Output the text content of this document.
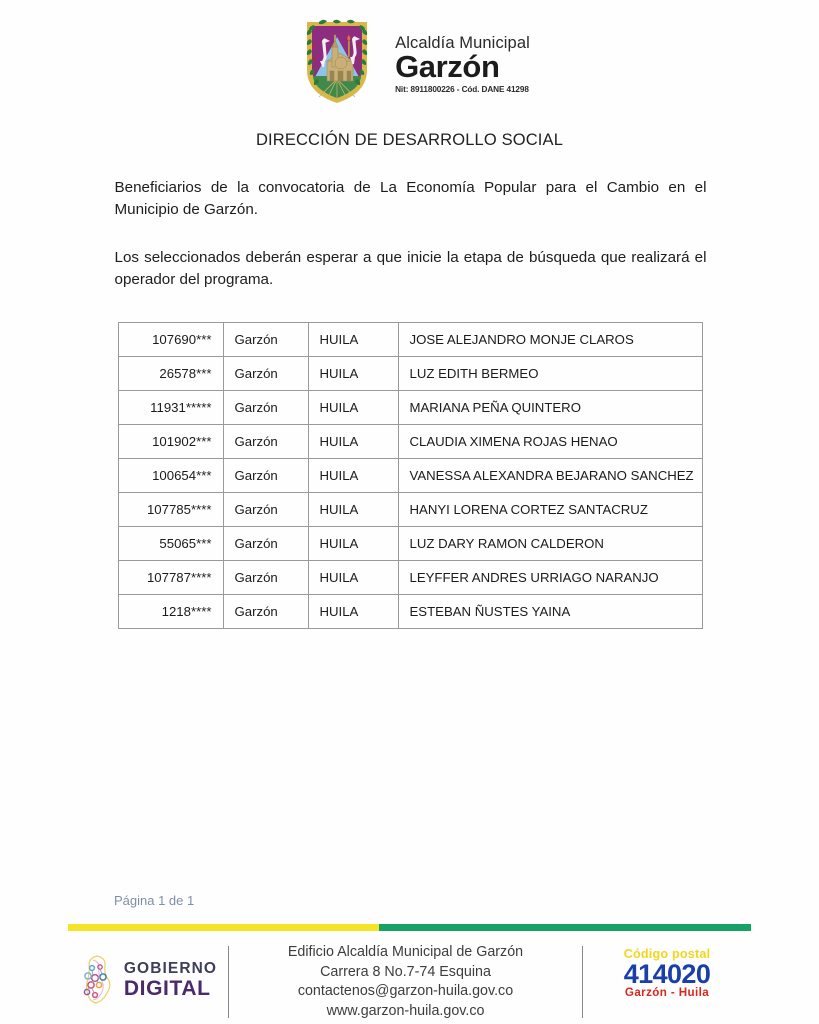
Alcaldía Municipal
Garzón
Nit: 8911800226 - Cód. DANE 41298
DIRECCIÓN DE DESARROLLO SOCIAL

Beneficiarios de la convocatoria de La Economía Popular para el Cambio en el Municipio de Garzón.

Los seleccionados deberán esperar a que inicie la etapa de búsqueda que realizará el operador del programa.

107690***	Garzón	HUILA	JOSE ALEJANDRO MONJE CLAROS
26578***	Garzón	HUILA	LUZ EDITH BERMEO
11931*****	Garzón	HUILA	MARIANA PEÑA QUINTERO
101902***	Garzón	HUILA	CLAUDIA XIMENA ROJAS HENAO
100654***	Garzón	HUILA	VANESSA ALEXANDRA BEJARANO SANCHEZ
107785****	Garzón	HUILA	HANYI LORENA CORTEZ SANTACRUZ
55065***	Garzón	HUILA	LUZ DARY RAMON CALDERON
107787****	Garzón	HUILA	LEYFFER ANDRES URRIAGO NARANJO
1218****	Garzón	HUILA	ESTEBAN ÑUSTES YAINA
Página 1 de 1
GOBIERNO
DIGITAL
Edificio Alcaldía Municipal de Garzón
Carrera 8 No.7-74 Esquina
contactenos@garzon-huila.gov.co
www.garzon-huila.gov.co
Código postal
414020
Garzón - Huila
